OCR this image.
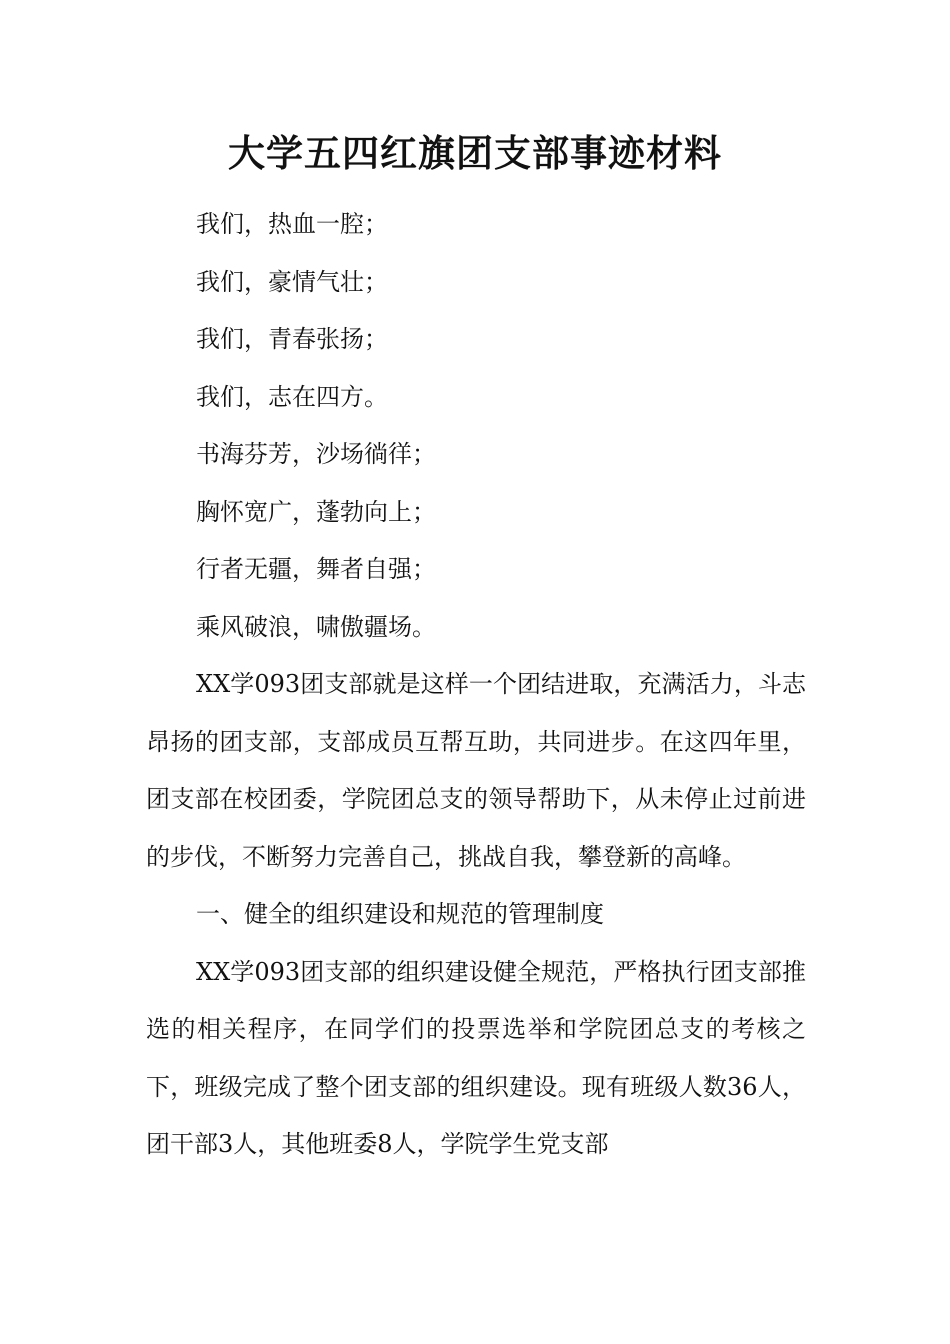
大学五四红旗团支部事迹材料

我们，热血一腔；

我们，豪情气壮；

我们，青春张扬；

我们，志在四方。

书海芬芳，沙场徜徉；

胸怀宽广，蓬勃向上；

行者无疆，舞者自强；

乘风破浪，啸傲疆场。

XX学093团支部就是这样一个团结进取，充满活力，斗志昂扬的团支部，支部成员互帮互助，共同进步。在这四年里，团支部在校团委，学院团总支的领导帮助下，从未停止过前进的步伐，不断努力完善自己，挑战自我，攀登新的高峰。

一、健全的组织建设和规范的管理制度

XX学093团支部的组织建设健全规范，严格执行团支部推选的相关程序，在同学们的投票选举和学院团总支的考核之下，班级完成了整个团支部的组织建设。现有班级人数36人，团干部3人，其他班委8人，学院学生党支部
